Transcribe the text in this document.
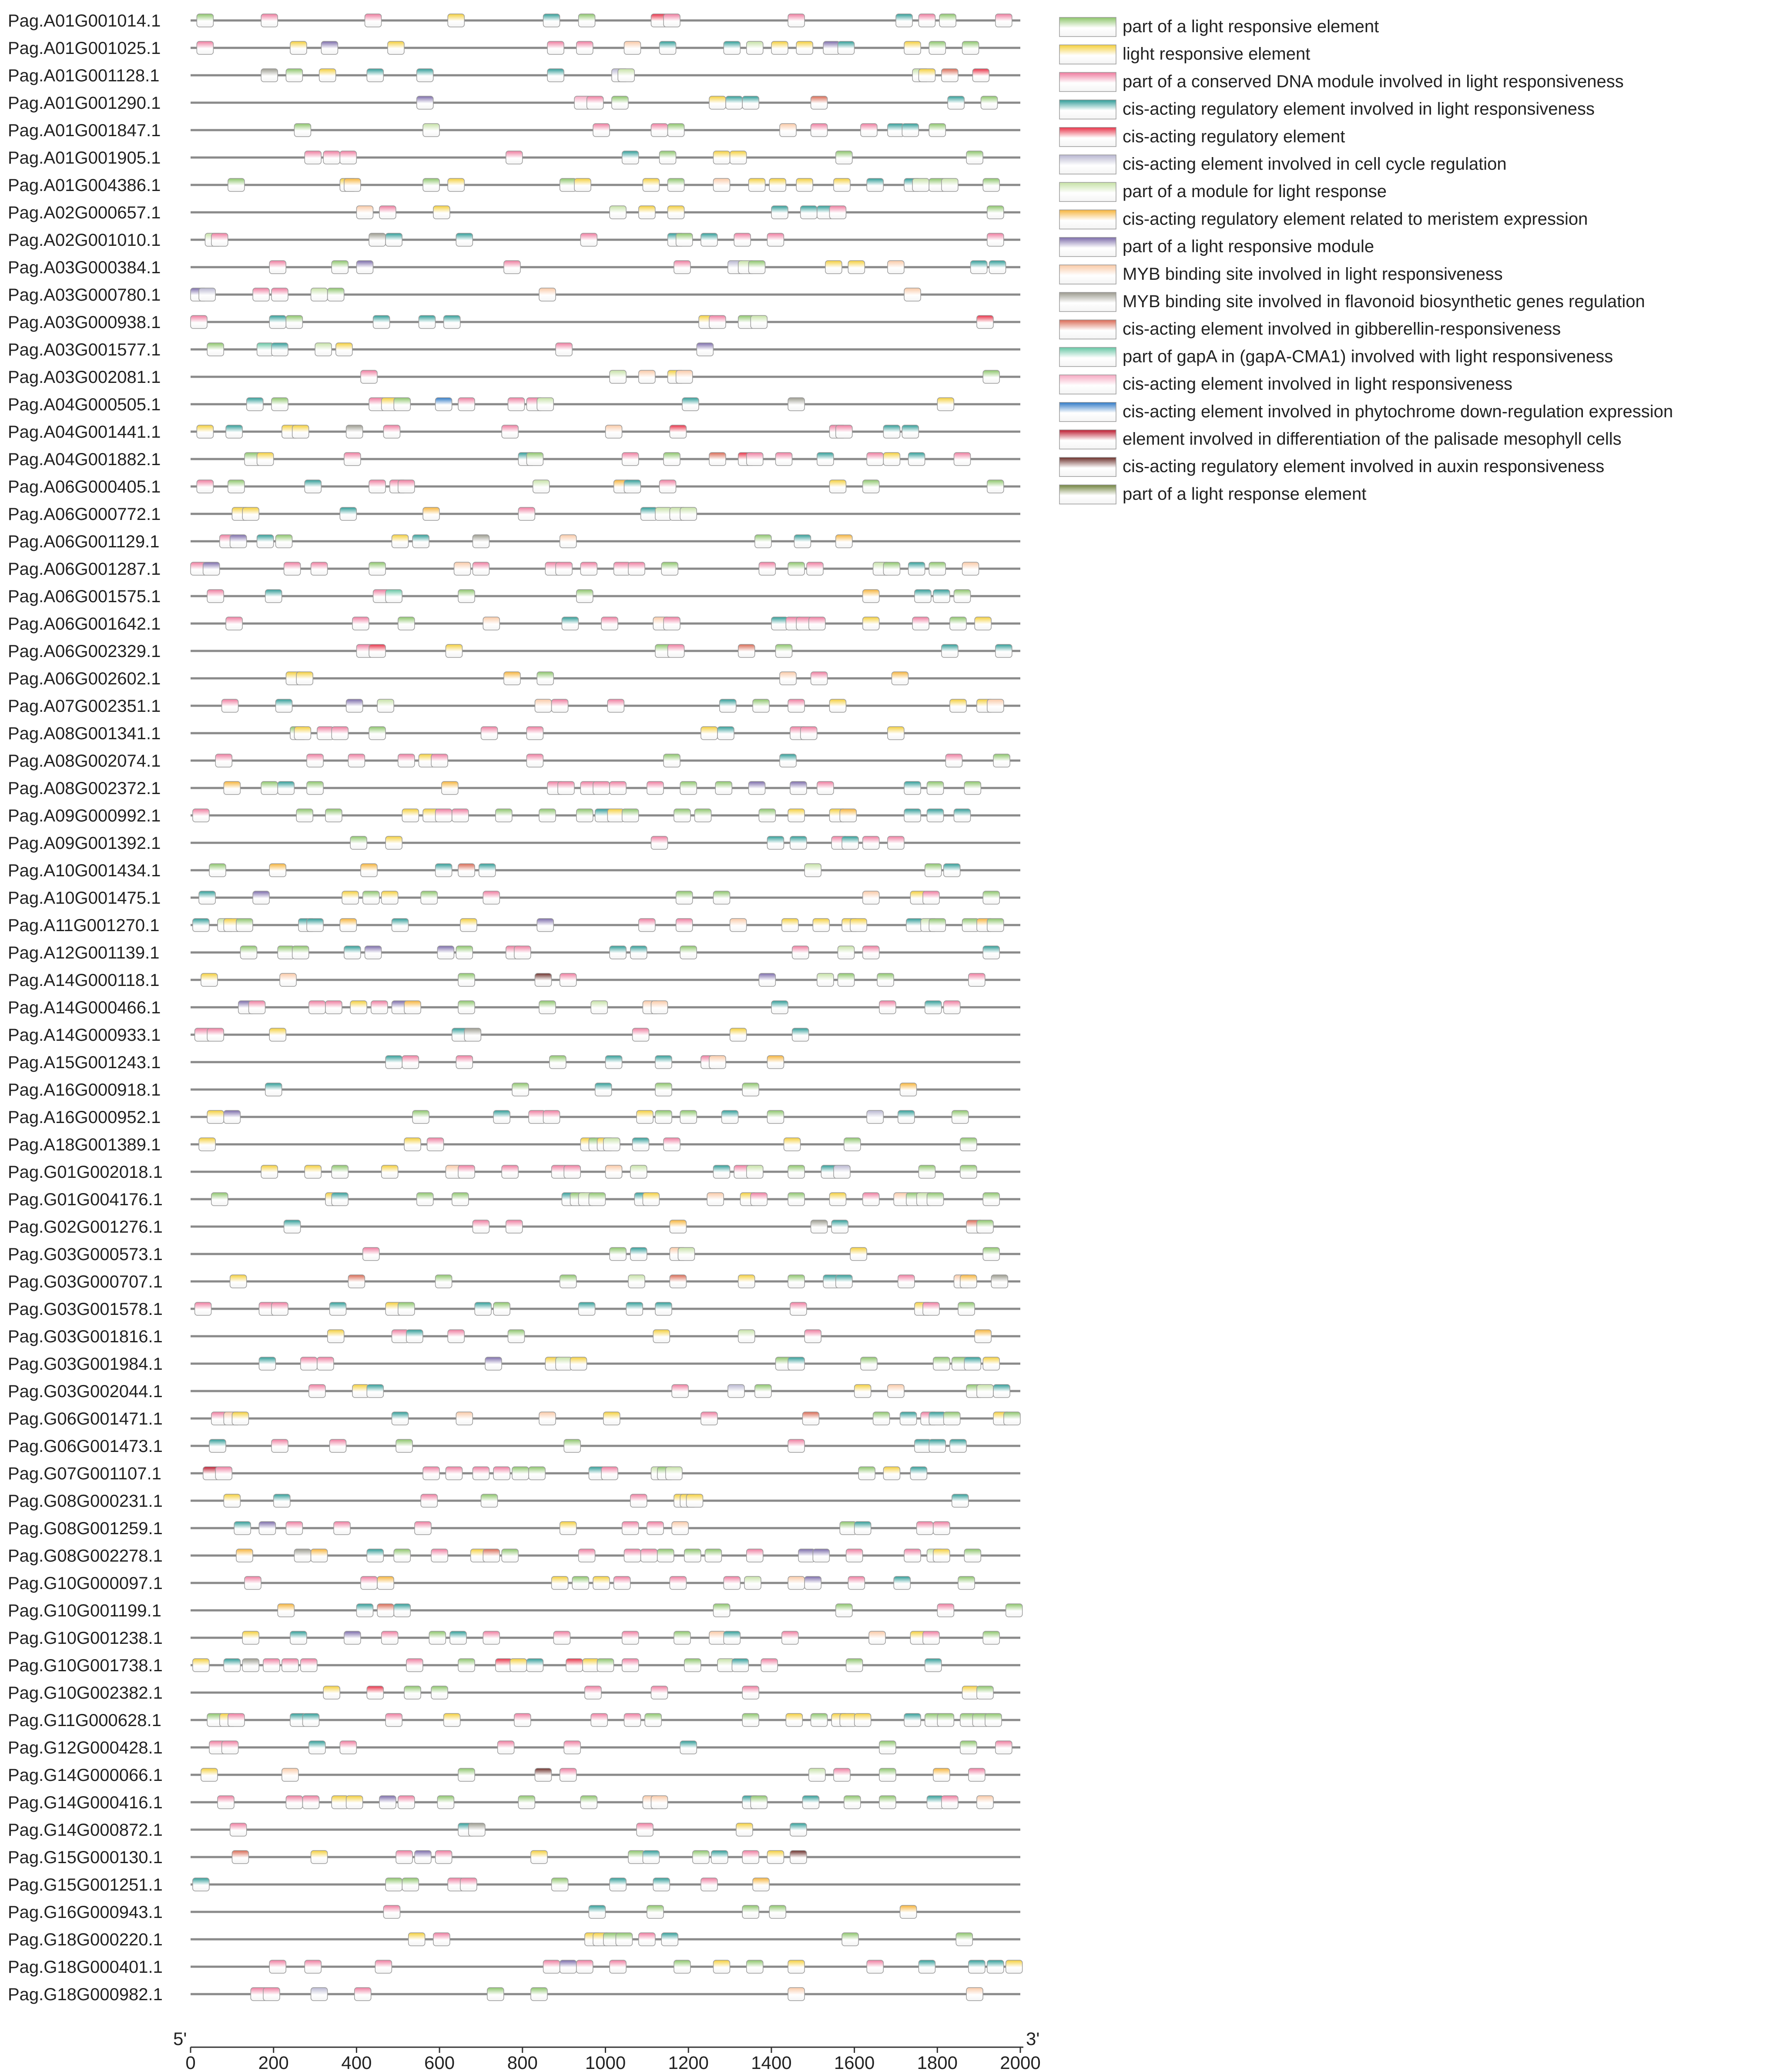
Pag.A01G001014.1
Pag.A01G001025.1
Pag.A01G001128.1
Pag.A01G001290.1
Pag.A01G001847.1
Pag.A01G001905.1
Pag.A01G004386.1
Pag.A02G000657.1
Pag.A02G001010.1
Pag.A03G000384.1
Pag.A03G000780.1
Pag.A03G000938.1
Pag.A03G001577.1
Pag.A03G002081.1
Pag.A04G000505.1
Pag.A04G001441.1
Pag.A04G001882.1
Pag.A06G000405.1
Pag.A06G000772.1
Pag.A06G001129.1
Pag.A06G001287.1
Pag.A06G001575.1
Pag.A06G001642.1
Pag.A06G002329.1
Pag.A06G002602.1
Pag.A07G002351.1
Pag.A08G001341.1
Pag.A08G002074.1
Pag.A08G002372.1
Pag.A09G000992.1
Pag.A09G001392.1
Pag.A10G001434.1
Pag.A10G001475.1
Pag.A11G001270.1
Pag.A12G001139.1
Pag.A14G000118.1
Pag.A14G000466.1
Pag.A14G000933.1
Pag.A15G001243.1
Pag.A16G000918.1
Pag.A16G000952.1
Pag.A18G001389.1
Pag.G01G002018.1
Pag.G01G004176.1
Pag.G02G001276.1
Pag.G03G000573.1
Pag.G03G000707.1
Pag.G03G001578.1
Pag.G03G001816.1
Pag.G03G001984.1
Pag.G03G002044.1
Pag.G06G001471.1
Pag.G06G001473.1
Pag.G07G001107.1
Pag.G08G000231.1
Pag.G08G001259.1
Pag.G08G002278.1
Pag.G10G000097.1
Pag.G10G001199.1
Pag.G10G001238.1
Pag.G10G001738.1
Pag.G10G002382.1
Pag.G11G000628.1
Pag.G12G000428.1
Pag.G14G000066.1
Pag.G14G000416.1
Pag.G14G000872.1
Pag.G15G000130.1
Pag.G15G001251.1
Pag.G16G000943.1
Pag.G18G000220.1
Pag.G18G000401.1
Pag.G18G000982.1
5'	3'
0	200	400	600	800	1000 1200 1400 1600 1800 2000
part of a light responsive element
light responsive element
part of a conserved DNA module involved in light responsiveness
cis-acting regulatory element involved in light responsiveness
cis-acting regulatory element
cis-acting element involved in cell cycle regulation
part of a module for light response
cis-acting regulatory element related to meristem expression
part of a light responsive module
MYB binding site involved in light responsiveness
MYB binding site involved in flavonoid biosynthetic genes regulation
cis-acting element involved in gibberellin-responsiveness
part of gapA in (gapA-CMA1) involved with light responsiveness
cis-acting element involved in light responsiveness
cis-acting element involved in phytochrome down-regulation expression
element involved in differentiation of the palisade mesophyll cells
cis-acting regulatory element involved in auxin responsiveness
part of a light response element
